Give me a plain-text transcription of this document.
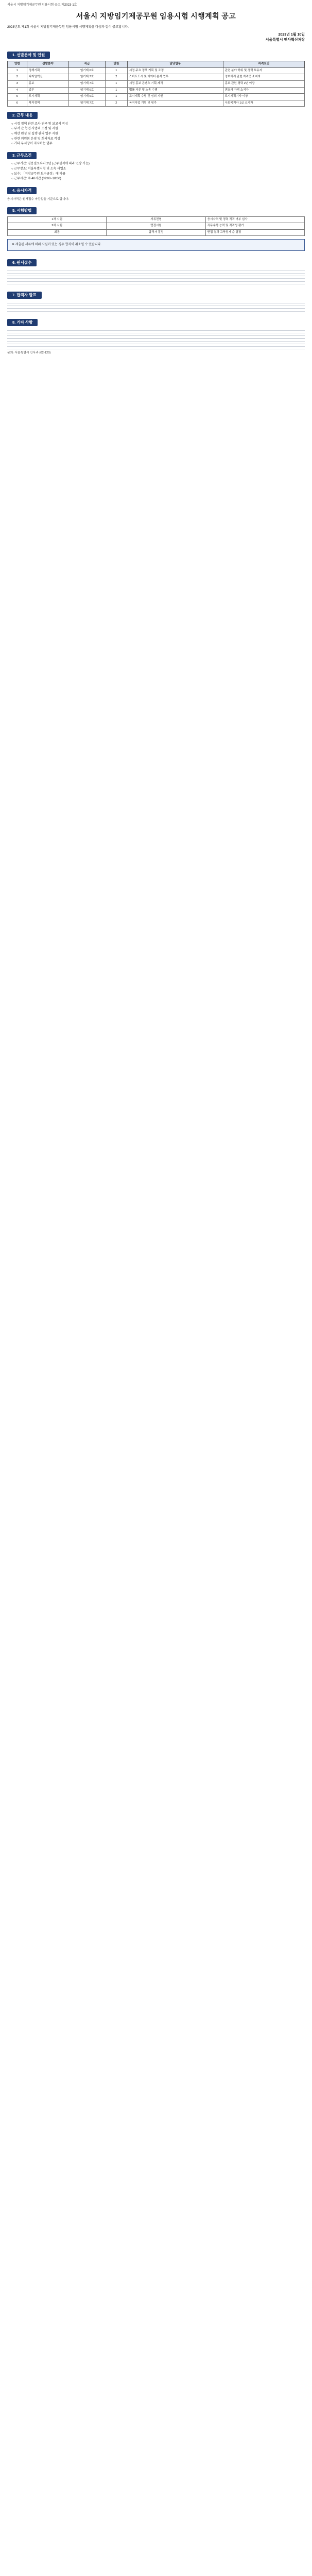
서울시 지방임기제공무원 임용시험 공고 제2023-1호
서울시 지방임기제공무원 임용시험 시행계획 공고
2023년도 제1회 서울시 지방임기제공무원 임용시험 시행계획을 다음과 같이 공고합니다.
2023년 1월 10일
서울특별시 인사혁신처장
1. 선발분야 및 인원
연번	선발분야	직급	인원	담당업무	자격요건
1	정책기획	임기제 6호	1	시정 주요 정책 기획 및 조정	관련 분야 학위 및 경력 보유자
2	디지털혁신	임기제 7호	2	스마트도시 및 데이터 분석 업무	정보처리 관련 자격증 소지자
3	홍보	임기제 7호	1	시정 홍보 콘텐츠 기획·제작	홍보 관련 경력 2년 이상
4	법무	임기제 6호	1	법률 자문 및 소송 수행	변호사 자격 소지자
5	도시계획	임기제 6호	1	도시계획 수립 및 심의 지원	도시계획기사 이상
6	복지정책	임기제 7호	2	복지사업 기획 및 평가	사회복지사 1급 소지자
2. 근무 내용
○ 시정 정책 관련 조사·연구 및 보고서 작성
○ 부서 간 협업 사업의 조정 및 지원
○ 예산 편성 및 집행 관리 업무 지원
○ 관련 위원회 운영 및 회의자료 작성
○ 기타 부서장이 지시하는 업무
3. 근무조건
○ 근무기간: 임용일로부터 2년 (근무실적에 따라 연장 가능)
○ 근무장소: 서울특별시청 및 소속 사업소
○ 보수: 「지방공무원 보수규정」에 따름
○ 근무시간: 주 40시간 (09:00~18:00)
4. 응시자격
응시자격은 원서접수 마감일을 기준으로 합니다.
5. 시험방법
1차 시험	서류전형	응시자격 및 경력 적격 여부 심사
2차 시험	면접시험	직무수행 능력 및 적격성 평가
최종	합격자 결정	면접 결과 고득점자 순 결정
※ 제출된 서류에 허위 사실이 있는 경우 합격이 취소될 수 있습니다.
6. 원서접수
7. 합격자 발표
8. 기타 사항
문의: 서울특별시 인사과 (02-120)
